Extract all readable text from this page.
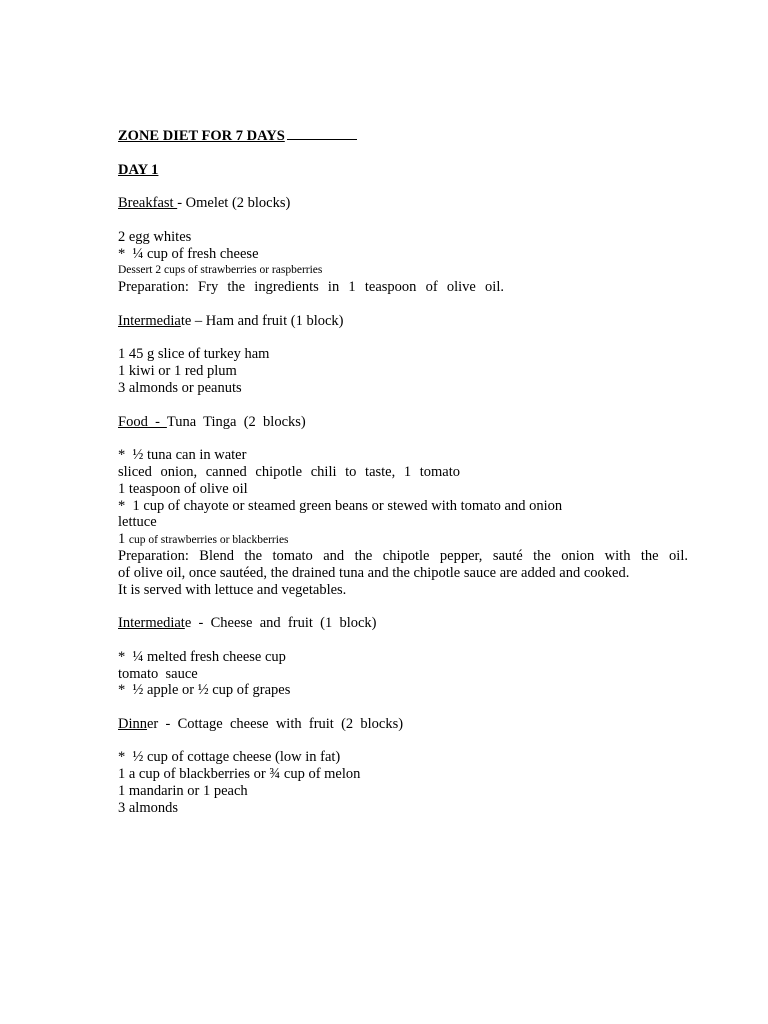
ZONE DIET FOR 7 DAYS
DAY 1
Breakfast - Omelet (2 blocks)
2 egg whites
*  ¼ cup of fresh cheese
Dessert 2 cups of strawberries or raspberries
Preparation: Fry the ingredients in 1 teaspoon of olive oil.
Intermediate – Ham and fruit (1 block)
1 45 g slice of turkey ham
1 kiwi or 1 red plum
3 almonds or peanuts
Food  -  Tuna  Tinga  (2  blocks)
*  ½ tuna can in water
sliced onion, canned chipotle chili to taste, 1 tomato
1 teaspoon of olive oil
*  1 cup of chayote or steamed green beans or stewed with tomato and onion
lettuce
1 cup of strawberries or blackberries
Preparation: Blend the tomato and the chipotle pepper, sauté the onion with the oil.
of olive oil, once sautéed, the drained tuna and the chipotle sauce are added and cooked.
It is served with lettuce and vegetables.
Intermediate  -  Cheese  and  fruit  (1  block)
*  ¼ melted fresh cheese cup
tomato  sauce
*  ½ apple or ½ cup of grapes
Dinner  -  Cottage  cheese  with  fruit  (2  blocks)
*  ½ cup of cottage cheese (low in fat)
1 a cup of blackberries or ¾ cup of melon
1 mandarin or 1 peach
3 almonds
